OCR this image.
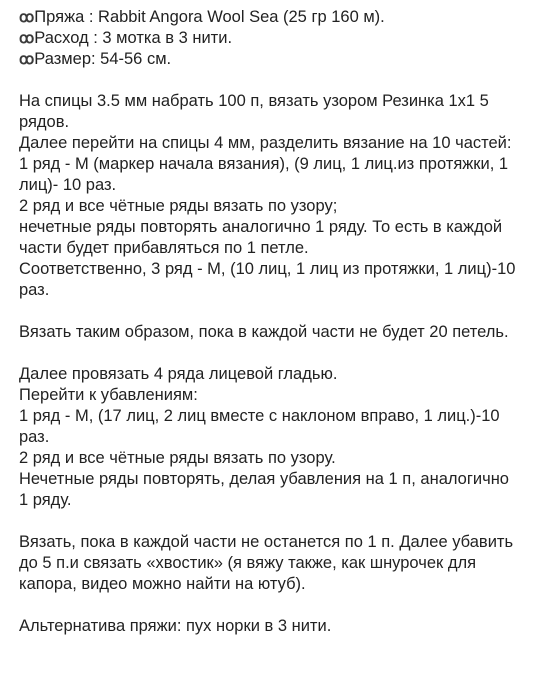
ꝏПряжа : Rabbit Angora Wool Sea (25 гр 160 м).
ꝏРасход : 3 мотка в 3 нити.
ꝏРазмер: 54-56 см.
На спицы 3.5 мм набрать 100 п, вязать узором Резинка 1х1 5
рядов.
Далее перейти на спицы 4 мм, разделить вязание на 10 частей:
1 ряд - М (маркер начала вязания), (9 лиц, 1 лиц.из протяжки, 1
лиц)- 10 раз.
2 ряд и все чётные ряды вязать по узору;
нечетные ряды повторять аналогично 1 ряду. То есть в каждой
части будет прибавляться по 1 петле.
Соответственно, 3 ряд - М, (10 лиц, 1 лиц из протяжки, 1 лиц)-10
раз.
Вязать таким образом, пока в каждой части не будет 20 петель.
Далее провязать 4 ряда лицевой гладью.
Перейти к убавлениям:
1 ряд - М, (17 лиц, 2 лиц вместе с наклоном вправо, 1 лиц.)-10
раз.
2 ряд и все чётные ряды вязать по узору.
Нечетные ряды повторять, делая убавления на 1 п, аналогично
1 ряду.
Вязать, пока в каждой части не останется по 1 п. Далее убавить
до 5 п.и связать «хвостик» (я вяжу также, как шнурочек для
капора, видео можно найти на ютуб).
Альтернатива пряжи: пух норки в 3 нити.
